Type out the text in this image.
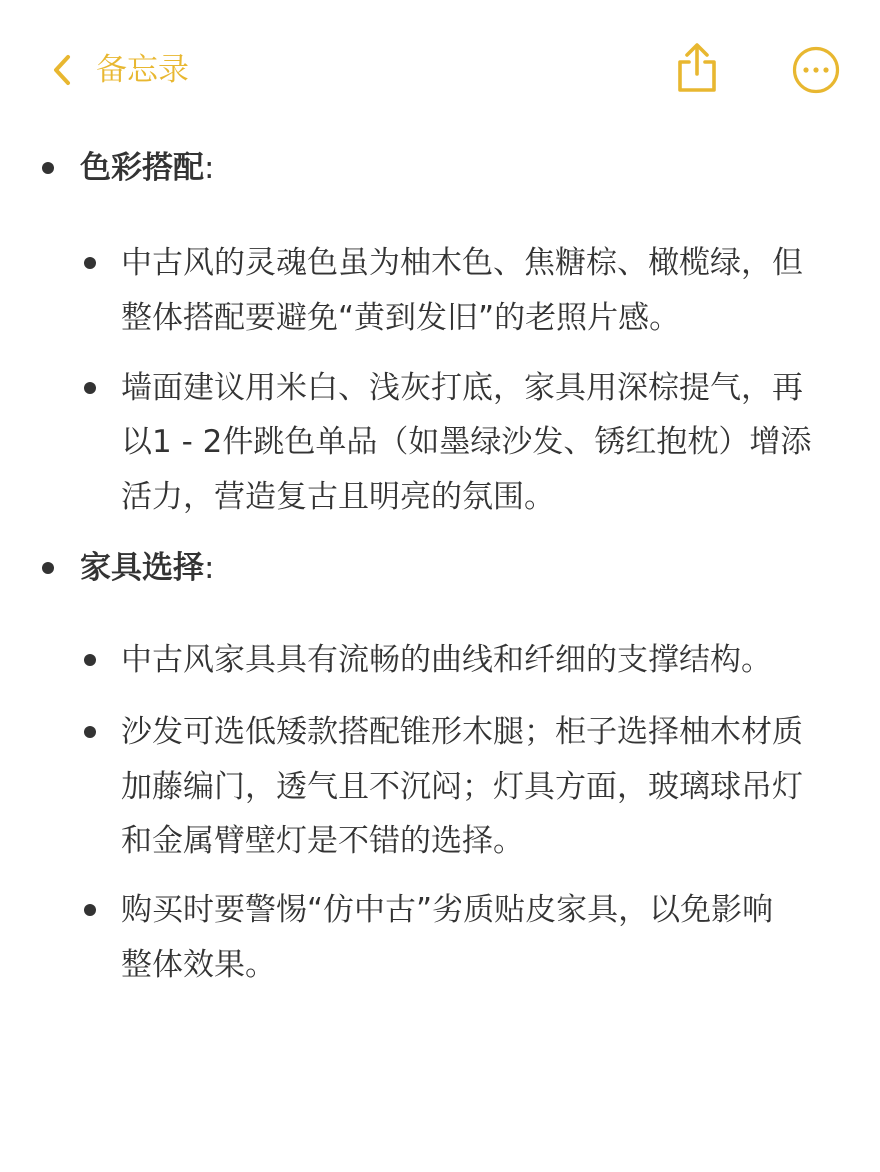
备忘录
色彩搭配:
中古风的灵魂色虽为柚木色、焦糖棕、橄榄绿，但
整体搭配要避免“黄到发旧”的老照片感。
墙面建议用米白、浅灰打底，家具用深棕提气，再
以1 - 2件跳色单品（如墨绿沙发、锈红抱枕）增添
活力，营造复古且明亮的氛围。
家具选择:
中古风家具具有流畅的曲线和纤细的支撑结构。
沙发可选低矮款搭配锥形木腿；柜子选择柚木材质
加藤编门，透气且不沉闷；灯具方面，玻璃球吊灯
和金属臂壁灯是不错的选择。
购买时要警惕“仿中古”劣质贴皮家具，以免影响
整体效果。
